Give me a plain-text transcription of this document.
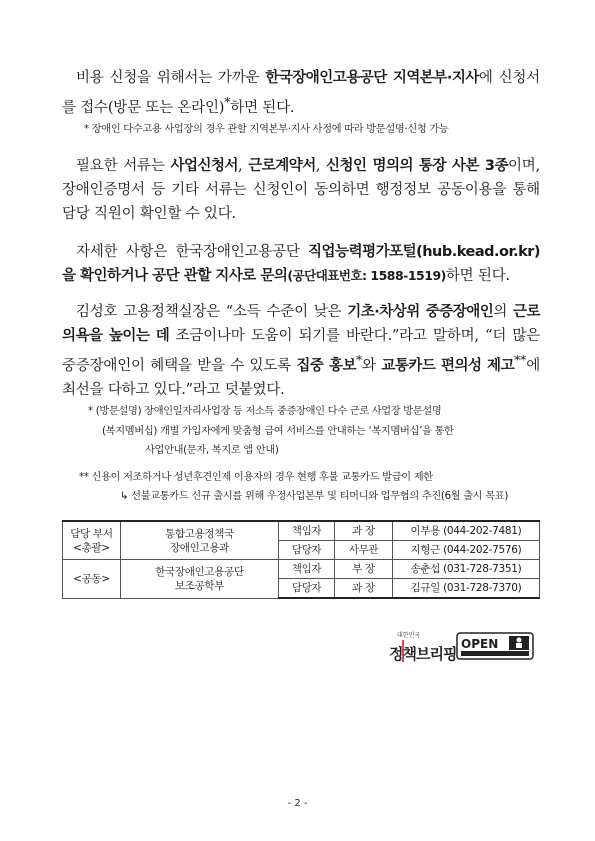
비용 신청을 위해서는 가까운 한국장애인고용공단 지역본부·지사에 신청서를 접수(방문 또는 온라인)*하면 된다.
* 장애인 다수고용 사업장의 경우 관할 지역본부·지사 사정에 따라 방문설명·신청 가능
필요한 서류는 사업신청서, 근로계약서, 신청인 명의의 통장 사본 3종이며, 장애인증명서 등 기타 서류는 신청인이 동의하면 행정정보 공동이용을 통해 담당 직원이 확인할 수 있다.
자세한 사항은 한국장애인고용공단 직업능력평가포털(hub.kead.or.kr)을 확인하거나 공단 관할 지사로 문의(공단대표번호: 1588-1519)하면 된다.
김성호 고용정책실장은 “소득 수준이 낮은 기초·차상위 중증장애인의 근로의욕을 높이는 데 조금이나마 도움이 되기를 바란다.”라고 말하며, “더 많은 중증장애인이 혜택을 받을 수 있도록 집중 홍보*와 교통카드 편의성 제고**에 최선을 다하고 있다.”라고 덧붙였다.
* (방문설명) 장애인일자리사업장 등 저소득 중증장애인 다수 근로 사업장 방문설명
(복지멤버십) 개별 가입자에게 맞춤형 급여 서비스를 안내하는 ‘복지멤버십’을 통한
사업안내(문자, 복지로 앱 안내)
** 신용이 저조하거나 성년후견인제 이용자의 경우 현행 후불 교통카드 발급이 제한
↳ 선불교통카드 신규 출시를 위해 우정사업본부 및 티머니와 업무협의 추진(6월 출시 목표)
담당 부서
<총괄>	통합고용정책국
장애인고용과	책임자	과 장	이부용 (044-202-7481)
		담당자	사무관	지형근 (044-202-7576)
<공동>	한국장애인고용공단
보조공학부	책임자	부 장	송춘섭 (031-728-7351)
		담당자	과 장	김규일 (031-728-7370)
대한민국
정책브리핑
OPEN
- 2 -
